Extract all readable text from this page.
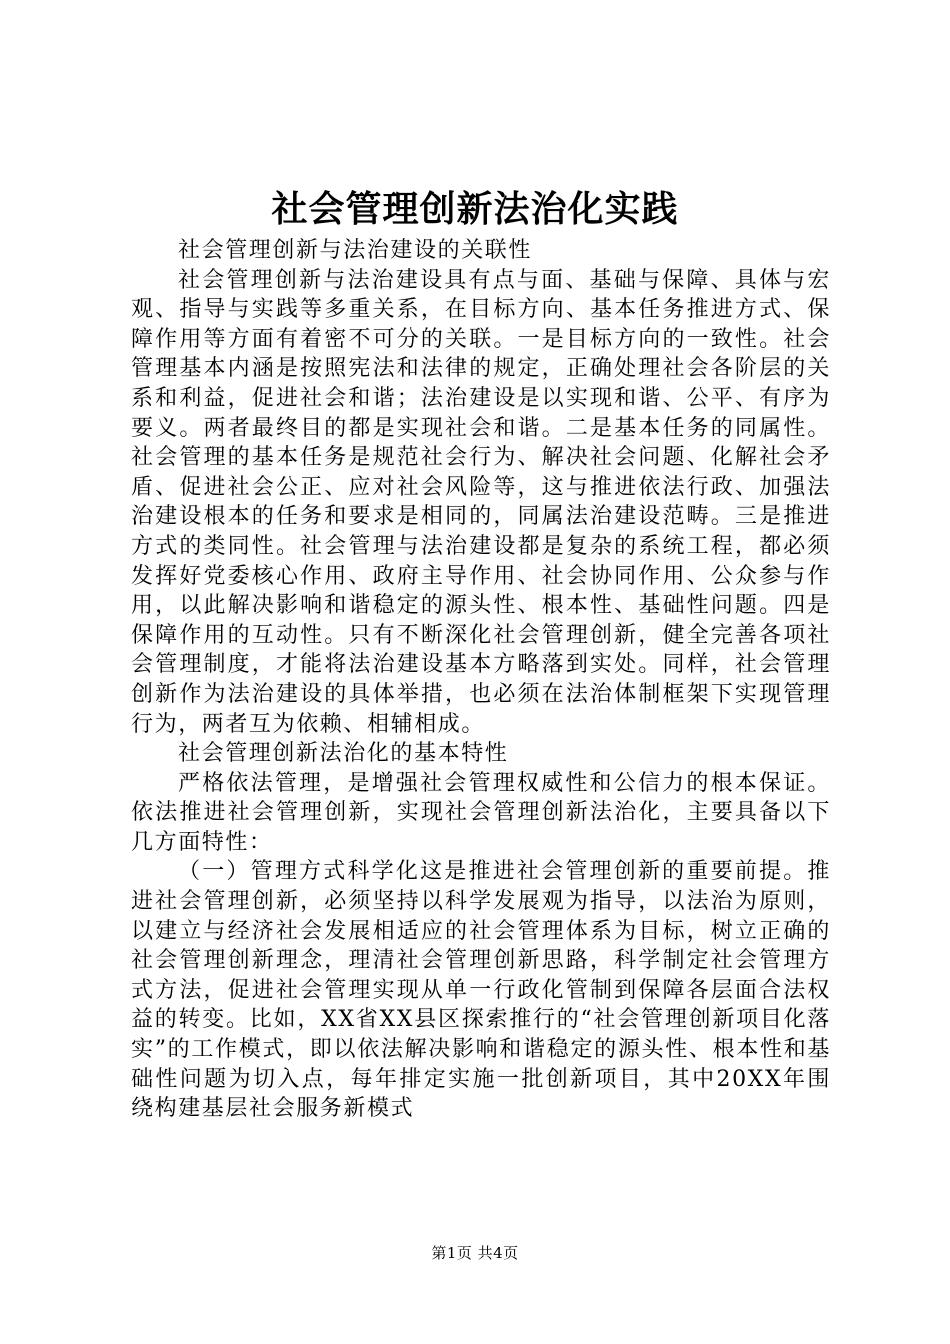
社会管理创新法治化实践

社会管理创新与法治建设的关联性

社会管理创新与法治建设具有点与面、基础与保障、具体与宏观、指导与实践等多重关系，在目标方向、基本任务推进方式、保障作用等方面有着密不可分的关联。一是目标方向的一致性。社会管理基本内涵是按照宪法和法律的规定，正确处理社会各阶层的关系和利益，促进社会和谐；法治建设是以实现和谐、公平、有序为要义。两者最终目的都是实现社会和谐。二是基本任务的同属性。社会管理的基本任务是规范社会行为、解决社会问题、化解社会矛盾、促进社会公正、应对社会风险等，这与推进依法行政、加强法治建设根本的任务和要求是相同的，同属法治建设范畴。三是推进方式的类同性。社会管理与法治建设都是复杂的系统工程，都必须发挥好党委核心作用、政府主导作用、社会协同作用、公众参与作用，以此解决影响和谐稳定的源头性、根本性、基础性问题。四是保障作用的互动性。只有不断深化社会管理创新，健全完善各项社会管理制度，才能将法治建设基本方略落到实处。同样，社会管理创新作为法治建设的具体举措，也必须在法治体制框架下实现管理行为，两者互为依赖、相辅相成。

社会管理创新法治化的基本特性

严格依法管理，是增强社会管理权威性和公信力的根本保证。依法推进社会管理创新，实现社会管理创新法治化，主要具备以下几方面特性：

（一）管理方式科学化这是推进社会管理创新的重要前提。推进社会管理创新，必须坚持以科学发展观为指导，以法治为原则，以建立与经济社会发展相适应的社会管理体系为目标，树立正确的社会管理创新理念，理清社会管理创新思路，科学制定社会管理方式方法，促进社会管理实现从单一行政化管制到保障各层面合法权益的转变。比如，XX省XX县区探索推行的“社会管理创新项目化落实”的工作模式，即以依法解决影响和谐稳定的源头性、根本性和基础性问题为切入点，每年排定实施一批创新项目，其中20XX年围绕构建基层社会服务新模式

第1页 共4页
